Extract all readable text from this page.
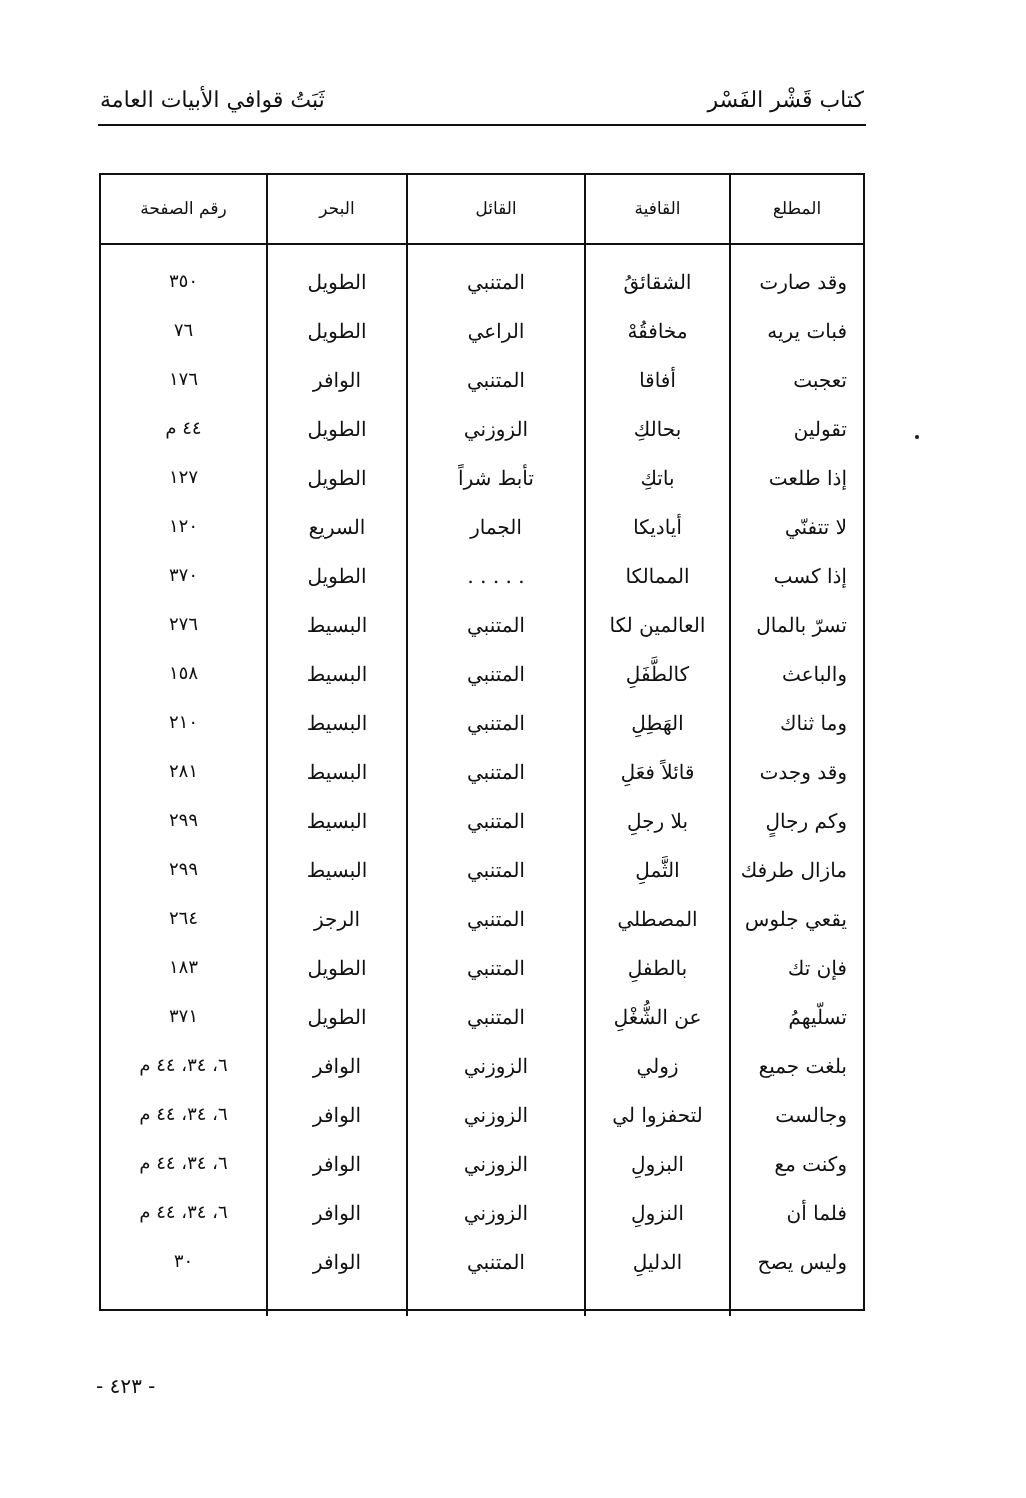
كتاب قَشْر الفَسْر
ثَبَتُ قوافي الأبيات العامة
المطلع	القافية	القائل	البحر	رقم الصفحة

وقد صارت	الشقائقُ	المتنبي	الطويل	٣٥٠
فبات يريه	مخافقُهْ	الراعي	الطويل	٧٦
تعجبت	أفاقا	المتنبي	الوافر	١٧٦
تقولين	بحالكِ	الزوزني	الطويل	٤٤ م
إذا طلعت	باتكِ	تأبط شراً	الطويل	١٢٧
لا تتفنّي	أياديكا	الجمار	السريع	١٢٠
إذا كسب	الممالكا	. . . . .	الطويل	٣٧٠
تسرّ بالمال	العالمين لكا	المتنبي	البسيط	٢٧٦
والباعث	كالطَّفَلِ	المتنبي	البسيط	١٥٨
وما ثناك	الهَطِلِ	المتنبي	البسيط	٢١٠
وقد وجدت	قائلاً فعَلِ	المتنبي	البسيط	٢٨١
وكم رجالٍ	بلا رجلِ	المتنبي	البسيط	٢٩٩
مازال طرفك	الثَّملِ	المتنبي	البسيط	٢٩٩
يقعي جلوس	المصطلي	المتنبي	الرجز	٢٦٤
فإن تك	بالطفلِ	المتنبي	الطويل	١٨٣
تسلّيهمُ	عن الشُّغْلِ	المتنبي	الطويل	٣٧١
بلغت جميع	زولي	الزوزني	الوافر	٦، ٣٤، ٤٤ م
وجالست	لتحفزوا لي	الزوزني	الوافر	٦، ٣٤، ٤٤ م
وكنت مع	البزولِ	الزوزني	الوافر	٦، ٣٤، ٤٤ م
فلما أن	النزولِ	الزوزني	الوافر	٦، ٣٤، ٤٤ م
وليس يصح	الدليلِ	المتنبي	الوافر	٣٠

- ٤٢٣ -
